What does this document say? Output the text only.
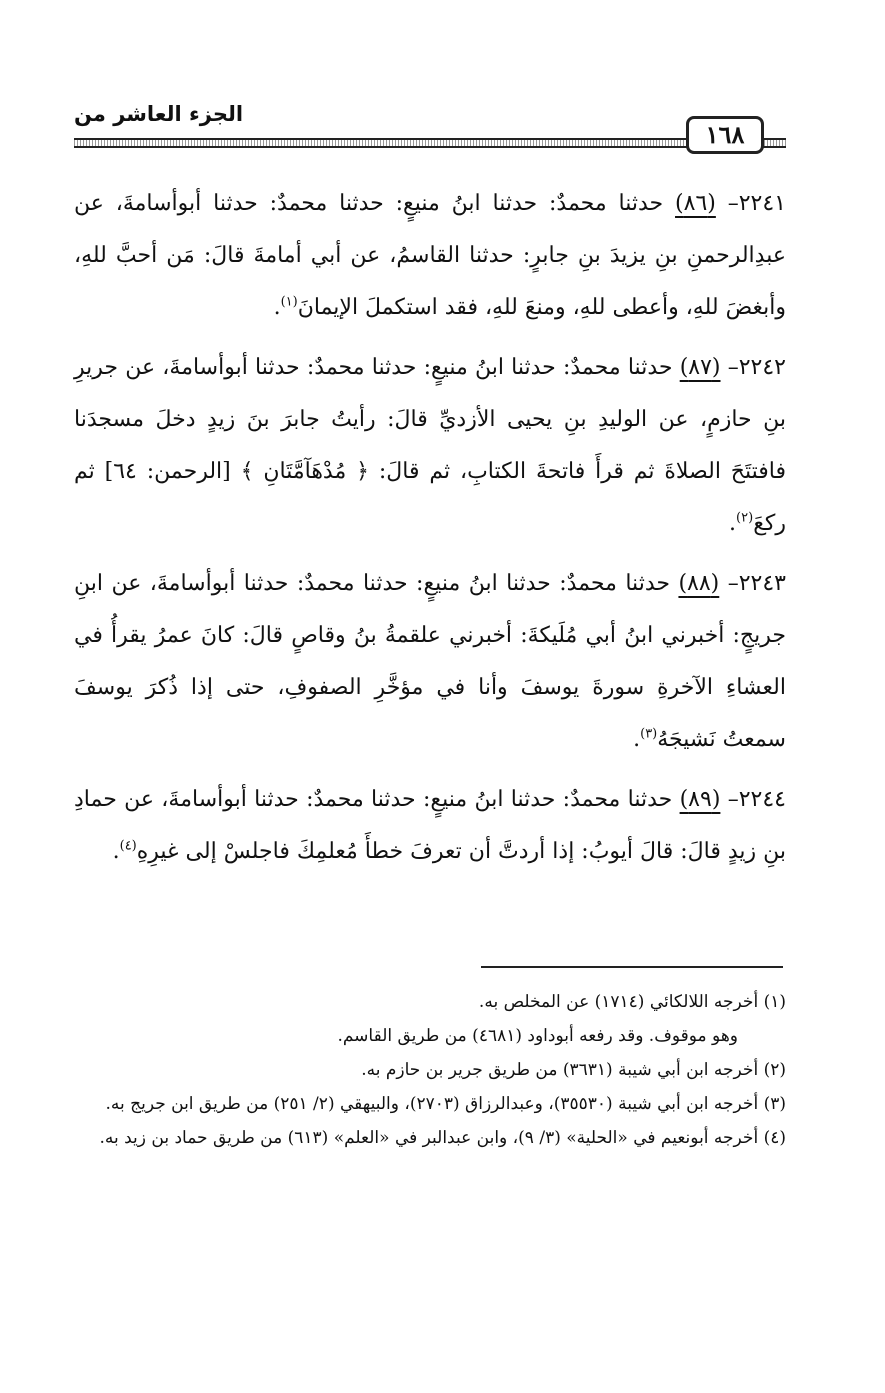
الجزء العاشر من
١٦٨

٢٢٤١– (٨٦) حدثنا محمدٌ: حدثنا ابنُ منيعٍ: حدثنا محمدٌ: حدثنا أبوأسامةَ، عن عبدِالرحمنِ بنِ يزيدَ بنِ جابرٍ: حدثنا القاسمُ، عن أبي أمامةَ قالَ: مَن أحبَّ للهِ، وأبغضَ للهِ، وأعطى للهِ، ومنعَ للهِ، فقد استكملَ الإيمانَ$^{(١)}$.

٢٢٤٢– (٨٧) حدثنا محمدٌ: حدثنا ابنُ منيعٍ: حدثنا محمدٌ: حدثنا أبوأسامةَ، عن جريرِ بنِ حازمٍ، عن الوليدِ بنِ يحيى الأزديِّ قالَ: رأيتُ جابرَ بنَ زيدٍ دخلَ مسجدَنا فافتتَحَ الصلاةَ ثم قرأَ فاتحةَ الكتابِ، ثم قالَ: ﴿ مُدْهَآمَّتَانِ ﴾ [الرحمن: ٦٤] ثم ركعَ$^{(٢)}$.

٢٢٤٣– (٨٨) حدثنا محمدٌ: حدثنا ابنُ منيعٍ: حدثنا محمدٌ: حدثنا أبوأسامةَ، عن ابنِ جريجٍ: أخبرني ابنُ أبي مُلَيكةَ: أخبرني علقمةُ بنُ وقاصٍ قالَ: كانَ عمرُ يقرأُ في العشاءِ الآخرةِ سورةَ يوسفَ وأنا في مؤخَّرِ الصفوفِ، حتى إذا ذُكرَ يوسفَ سمعتُ نَشيجَهُ$^{(٣)}$.

٢٢٤٤– (٨٩) حدثنا محمدٌ: حدثنا ابنُ منيعٍ: حدثنا محمدٌ: حدثنا أبوأسامةَ، عن حمادِ بنِ زيدٍ قالَ: قالَ أيوبُ: إذا أردتَّ أن تعرفَ خطأَ مُعلمِكَ فاجلسْ إلى غيرِهِ$^{(٤)}$.

(١) أخرجه اللالكائي (١٧١٤) عن المخلص به.

وهو موقوف. وقد رفعه أبوداود (٤٦٨١) من طريق القاسم.

(٢) أخرجه ابن أبي شيبة (٣٦٣١) من طريق جرير بن حازم به.

(٣) أخرجه ابن أبي شيبة (٣٥٥٣٠)، وعبدالرزاق (٢٧٠٣)، والبيهقي (٢/ ٢٥١) من طريق ابن جريج به.

(٤) أخرجه أبونعيم في «الحلية» (٣/ ٩)، وابن عبدالبر في «العلم» (٦١٣) من طريق حماد بن زيد به.
